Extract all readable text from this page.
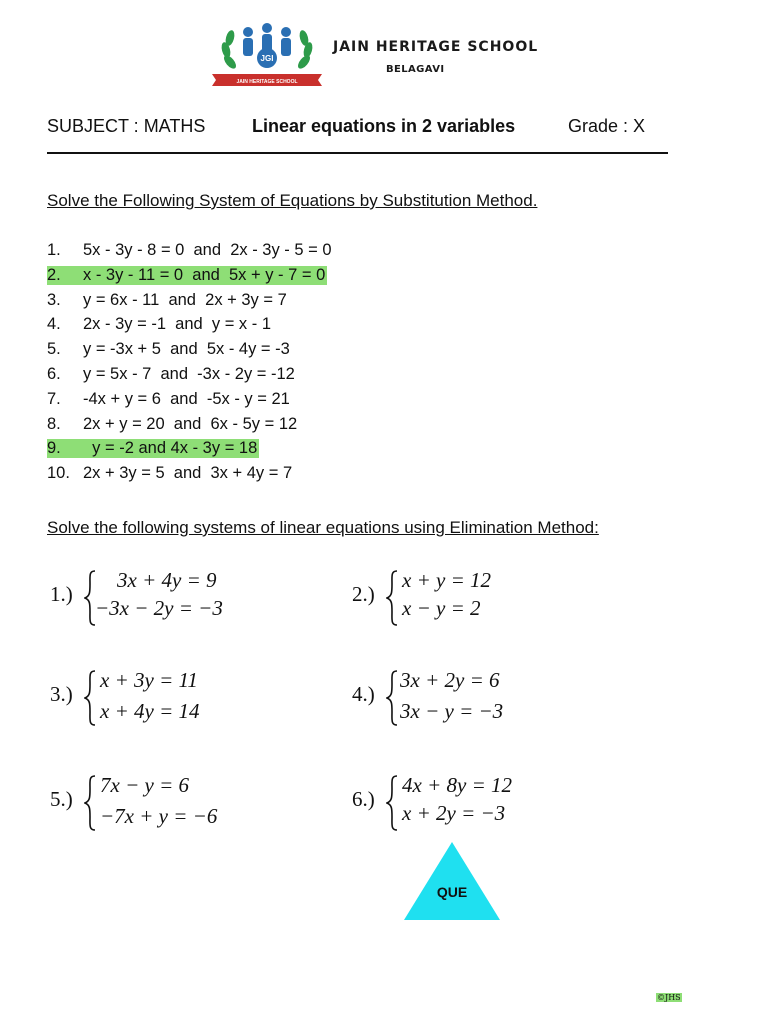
JGI
JAIN HERITAGE SCHOOL
JAIN HERITAGE SCHOOL
BELAGAVI
SUBJECT : MATHS	Linear equations in 2 variables	Grade : X
Solve the Following System of Equations by Substitution Method.
1. 5x - 3y - 8 = 0  and  2x - 3y - 5 = 0
2. x - 3y - 11 = 0  and  5x + y - 7 = 0
3. y = 6x - 11  and  2x + 3y = 7
4. 2x - 3y = -1  and  y = x - 1
5. y = -3x + 5  and  5x - 4y = -3
6. y = 5x - 7  and  -3x - 2y = -12
7. -4x + y = 6  and  -5x - y = 21
8. 2x + y = 20  and  6x - 5y = 12
9.  y = -2 and 4x - 3y = 18
10. 2x + 3y = 5  and  3x + 4y = 7
Solve the following systems of linear equations using Elimination Method:
1.)
3x + 4y = 9
−3x − 2y = −3
2.)
x + y = 12
x − y = 2
3.)
x + 3y = 11
x + 4y = 14
4.)
3x + 2y = 6
3x − y = −3
5.)
7x − y = 6
−7x + y = −6
6.)
4x + 8y = 12
x + 2y = −3
QUE
©JHS
